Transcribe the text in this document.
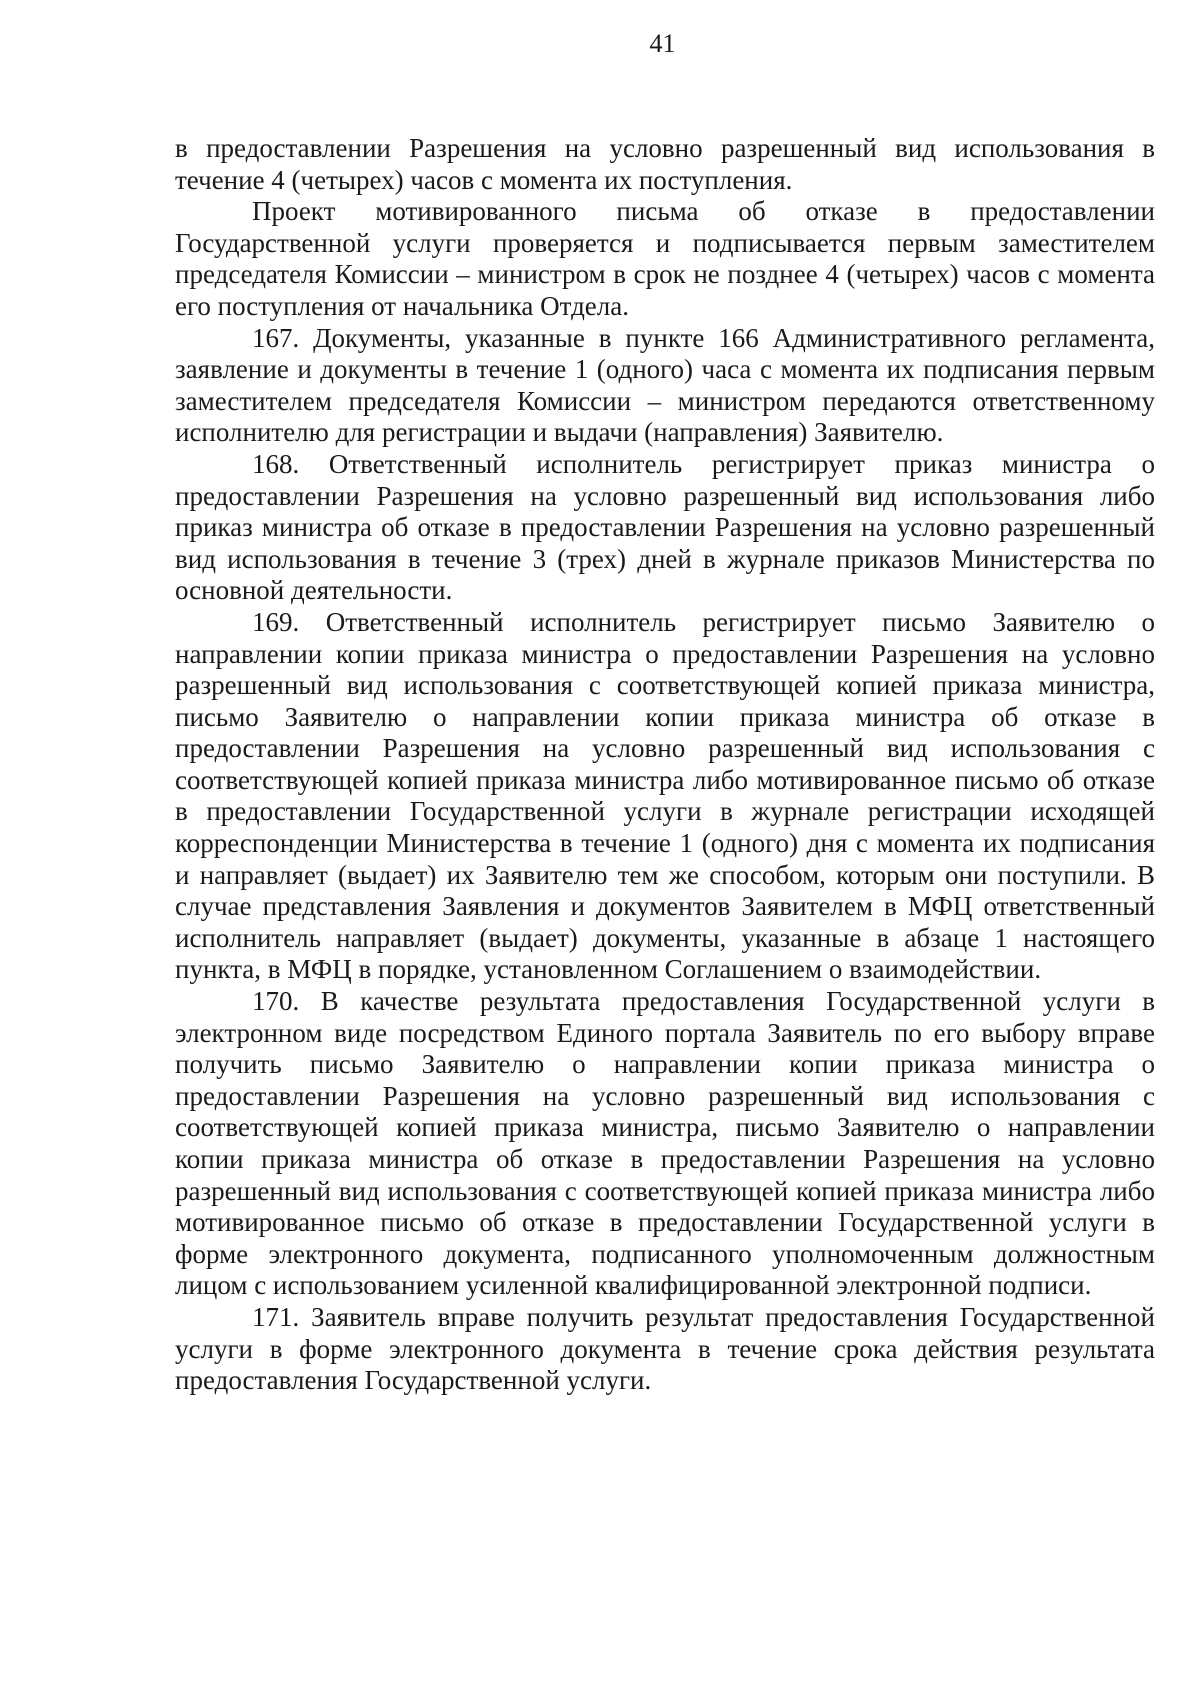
41

в предоставлении Разрешения на условно разрешенный вид использования в течение 4 (четырех) часов с момента их поступления.

Проект мотивированного письма об отказе в предоставлении Государственной услуги проверяется и подписывается первым заместителем председателя Комиссии – министром в срок не позднее 4 (четырех) часов с момента его поступления от начальника Отдела.

167. Документы, указанные в пункте 166 Административного регламента, заявление и документы в течение 1 (одного) часа с момента их подписания первым заместителем председателя Комиссии – министром передаются ответственному исполнителю для регистрации и выдачи (направления) Заявителю.

168. Ответственный исполнитель регистрирует приказ министра о предоставлении Разрешения на условно разрешенный вид использования либо приказ министра об отказе в предоставлении Разрешения на условно разрешенный вид использования в течение 3 (трех) дней в журнале приказов Министерства по основной деятельности.

169. Ответственный исполнитель регистрирует письмо Заявителю о направлении копии приказа министра о предоставлении Разрешения на условно разрешенный вид использования с соответствующей копией приказа министра, письмо Заявителю о направлении копии приказа министра об отказе в предоставлении Разрешения на условно разрешенный вид использования с соответствующей копией приказа министра либо мотивированное письмо об отказе в предоставлении Государственной услуги в журнале регистрации исходящей корреспонденции Министерства в течение 1 (одного) дня с момента их подписания и направляет (выдает) их Заявителю тем же способом, которым они поступили. В случае представления Заявления и документов Заявителем в МФЦ ответственный исполнитель направляет (выдает) документы, указанные в абзаце 1 настоящего пункта, в МФЦ в порядке, установленном Соглашением о взаимодействии.

170. В качестве результата предоставления Государственной услуги в электронном виде посредством Единого портала Заявитель по его выбору вправе получить письмо Заявителю о направлении копии приказа министра о предоставлении Разрешения на условно разрешенный вид использования с соответствующей копией приказа министра, письмо Заявителю о направлении копии приказа министра об отказе в предоставлении Разрешения на условно разрешенный вид использования с соответствующей копией приказа министра либо мотивированное письмо об отказе в предоставлении Государственной услуги в форме электронного документа, подписанного уполномоченным должностным лицом с использованием усиленной квалифицированной электронной подписи.

171. Заявитель вправе получить результат предоставления Государственной услуги в форме электронного документа в течение срока действия результата предоставления Государственной услуги.
